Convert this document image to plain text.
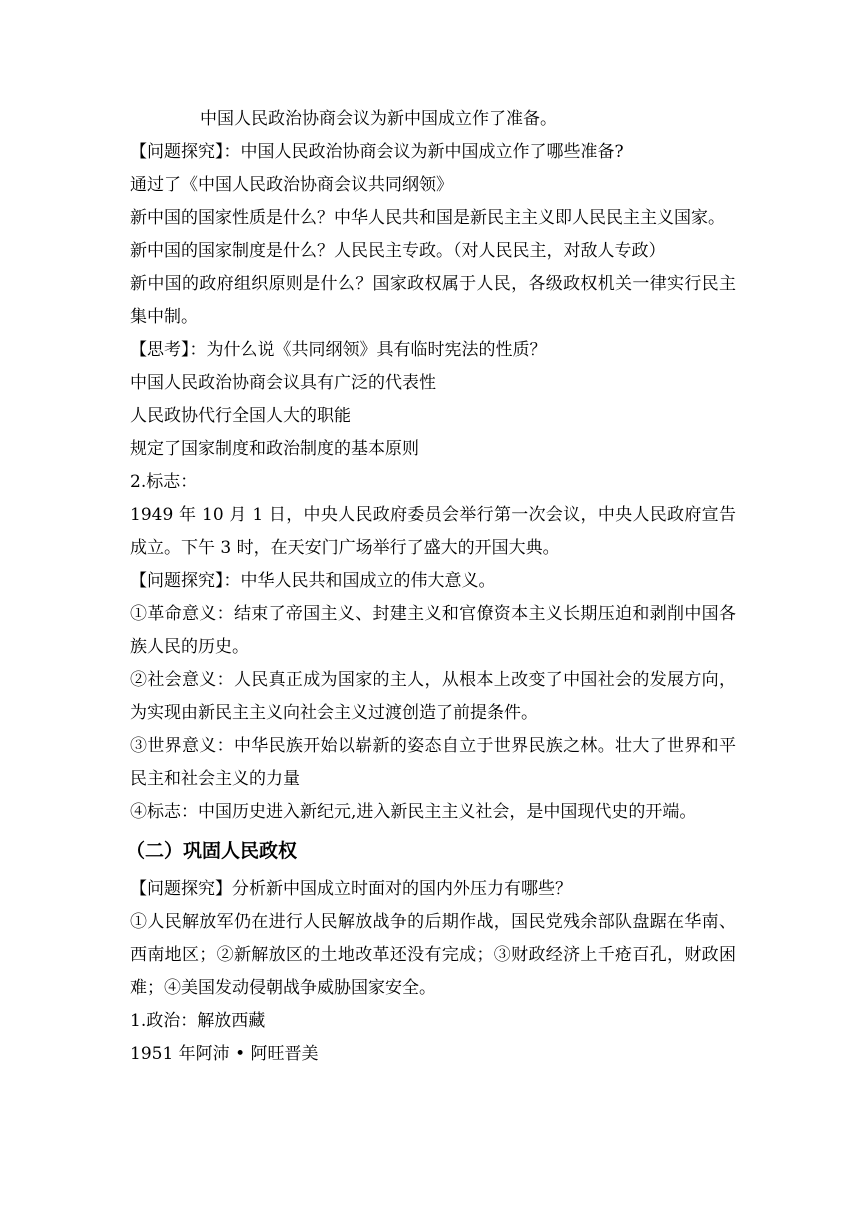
中国人民政治协商会议为新中国成立作了准备。
【问题探究】：中国人民政治协商会议为新中国成立作了哪些准备?
通过了《中国人民政治协商会议共同纲领》
新中国的国家性质是什么？中华人民共和国是新民主主义即人民民主主义国家。
新中国的国家制度是什么？人民民主专政。（对人民民主，对敌人专政）
新中国的政府组织原则是什么？国家政权属于人民，各级政权机关一律实行民主集中制。
【思考】：为什么说《共同纲领》具有临时宪法的性质？
中国人民政治协商会议具有广泛的代表性
人民政协代行全国人大的职能
规定了国家制度和政治制度的基本原则
2.标志：
1949 年 10 月 1 日，中央人民政府委员会举行第一次会议，中央人民政府宣告成立。下午 3 时，在天安门广场举行了盛大的开国大典。
【问题探究】：中华人民共和国成立的伟大意义。
①革命意义：结束了帝国主义、封建主义和官僚资本主义长期压迫和剥削中国各族人民的历史。
②社会意义：人民真正成为国家的主人，从根本上改变了中国社会的发展方向，为实现由新民主主义向社会主义过渡创造了前提条件。
③世界意义：中华民族开始以崭新的姿态自立于世界民族之林。壮大了世界和平民主和社会主义的力量
④标志：中国历史进入新纪元,进入新民主主义社会，是中国现代史的开端。
（二）巩固人民政权
【问题探究】分析新中国成立时面对的国内外压力有哪些？
①人民解放军仍在进行人民解放战争的后期作战，国民党残余部队盘踞在华南、西南地区；②新解放区的土地改革还没有完成；③财政经济上千疮百孔，财政困难；④美国发动侵朝战争威胁国家安全。
1.政治：解放西藏
1951 年阿沛 • 阿旺晋美
